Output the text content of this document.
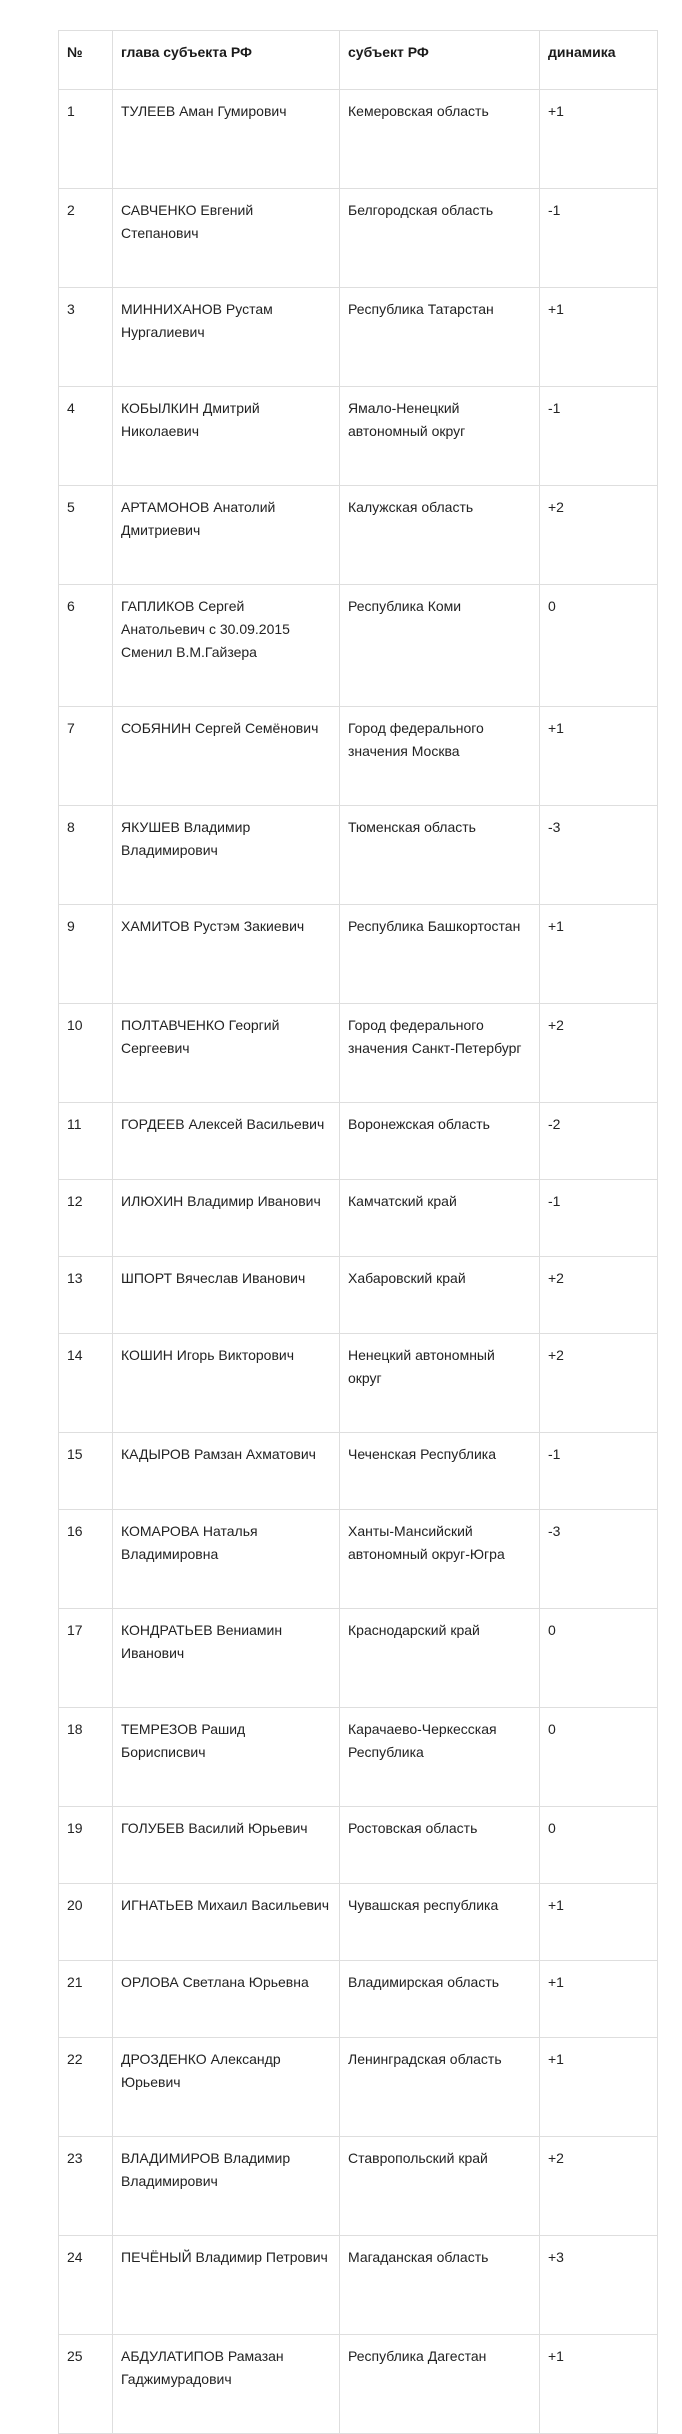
№	глава субъекта РФ	субъект РФ	динамика
1	ТУЛЕЕВ Аман Гумирович	Кемеровская область	+1
2	САВЧЕНКО Евгений Степанович	Белгородская область	-1
3	МИННИХАНОВ Рустам Нургалиевич	Республика Татарстан	+1
4	КОБЫЛКИН Дмитрий Николаевич	Ямало-Ненецкий автономный округ	-1
5	АРТАМОНОВ Анатолий Дмитриевич	Калужская область	+2
6	ГАПЛИКОВ Сергей Анатольевич с 30.09.2015 Сменил В.М.Гайзера	Республика Коми	0
7	СОБЯНИН Сергей Семёнович	Город федерального значения Москва	+1
8	ЯКУШЕВ Владимир Владимирович	Тюменская область	-3
9	ХАМИТОВ Рустэм Закиевич	Республика Башкортостан	+1
10	ПОЛТАВЧЕНКО Георгий Сергеевич	Город федерального значения Санкт-Петербург	+2
11	ГОРДЕЕВ Алексей Васильевич	Воронежская область	-2
12	ИЛЮХИН Владимир Иванович	Камчатский край	-1
13	ШПОРТ Вячеслав Иванович	Хабаровский край	+2
14	КОШИН Игорь Викторович	Ненецкий автономный округ	+2
15	КАДЫРОВ Рамзан Ахматович	Чеченская Республика	-1
16	КОМАРОВА Наталья Владимировна	Ханты-Мансийский автономный округ-Югра	-3
17	КОНДРАТЬЕВ Вениамин Иванович	Краснодарский край	0
18	ТЕМРЕЗОВ Рашид Борисписвич	Карачаево-Черкесская Республика	0
19	ГОЛУБЕВ Василий Юрьевич	Ростовская область	0
20	ИГНАТЬЕВ Михаил Васильевич	Чувашская республика	+1
21	ОРЛОВА Светлана Юрьевна	Владимирская область	+1
22	ДРОЗДЕНКО Александр Юрьевич	Ленинградская область	+1
23	ВЛАДИМИРОВ Владимир Владимирович	Ставропольский край	+2
24	ПЕЧЁНЫЙ Владимир Петрович	Магаданская область	+3
25	АБДУЛАТИПОВ Рамазан Гаджимурадович	Республика Дагестан	+1
